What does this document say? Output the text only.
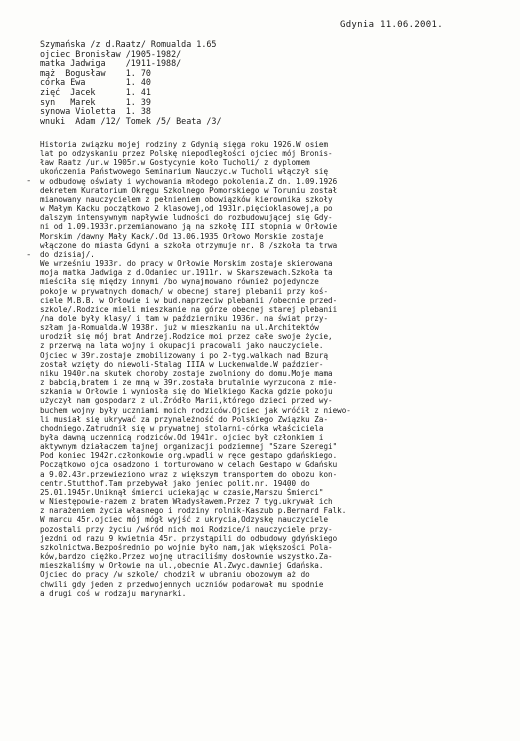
Gdynia 11.06.2001.
Szymańska /z d.Raatz/ Romualda 1.65
ojciec Bronisław /1905-1982/
matka Jadwiga    /1911-1988/
mąż  Bogusław    1. 70
córka Ewa        1. 40
zięć  Jacek      1. 41
syn   Marek      1. 39
synowa Violetta  1. 38
wnuki  Adam /12/ Tomek /5/ Beata /3/
-
-
Historia związku mojej rodziny z Gdynią sięga roku 1926.W osiem
lat po odzyskaniu przez Polskę niepodległości ojciec mój Bronis-
ław Raatz /ur.w 1905r.w Gostycynie koło Tucholi/ z dyplomem
ukończenia Państwowego Seminarium Nauczyc.w Tucholi włączył się
w odbudowę oświaty i wychowania młodego pokolenia.Z dn. 1.09.1926
dekretem Kuratorium Okręgu Szkolnego Pomorskiego w Toruniu został
mianowany nauczycielem z pełnieniem obowiązków kierownika szkoły
w Małym Kacku początkowo 2 klasowej,od 1931r.pięcioklasowej,a po
dalszym intensywnym napływie ludności do rozbudowującej się Gdy-
ni od 1.09.1933r.przemianowano ją na szkołę III stopnia w Orłowie
Morskim /dawny Mały Kack/.Od 13.06.1935 Orłowo Morskie zostaje
włączone do miasta Gdyni a szkoła otrzymuje nr. 8 /szkoła ta trwa
do dzisiaj/.
We wrześniu 1933r. do pracy w Orłowie Morskim zostaje skierowana
moja matka Jadwiga z d.Odaniec ur.1911r. w Skarszewach.Szkoła ta
mieściła się między innymi /bo wynajmowano również pojedyncze
pokoje w prywatnych domach/ w obecnej starej plebanii przy koś-
ciele M.B.B. w Orłowie i w bud.naprzeciw plebanii /obecnie przed-
szkole/.Rodzice mieli mieszkanie na górze obecnej starej plebanii
/na dole były klasy/ i tam w październiku 1936r. na świat przy-
szłam ja-Romualda.W 1938r. już w mieszkaniu na ul.Architektów
urodził się mój brat Andrzej.Rodzice moi przez całe swoje życie,
z przerwą na lata wojny i okupacji pracowali jako nauczyciele.
Ojciec w 39r.zostaje zmobilizowany i po 2-tyg.walkach nad Bzurą
został wzięty do niewoli-Stalag IIIA w Luckenwalde.W paździer-
niku 1940r.na skutek choroby zostaje zwolniony do domu.Moje mama
z babcią,bratem i ze mną w 39r.została brutalnie wyrzucona z mie-
szkania w Orłowie i wyniosła się do Wielkiego Kacka gdzie pokoju
użyczył nam gospodarz z ul.Źródło Marii,którego dzieci przed wy-
buchem wojny były uczniami moich rodziców.Ojciec jak wróćił z niewo-
li musiał się ukrywać za przynależność do Polskiego Związku Za-
chodniego.Zatrudnił się w prywatnej stolarni-córka właściciela
była dawną uczennicą rodziców.Od 1941r. ojciec był członkiem i
aktywnym działaczem tajnej organizacji podziemnej "Szare Szeregi"
Pod koniec 1942r.członkowie org.wpadli w ręce gestapo gdańskiego.
Początkowo ojca osadzono i torturowano w celach Gestapo w Gdańsku
a 9.02.43r.przewieziono wraz z większym transportem do obozu kon-
centr.Stutthof.Tam przebywał jako jeniec polit.nr. 19400 do
25.01.1945r.Uniknął śmierci uciekając w czasie,Marszu Śmierci"
w Niestępowie-razem z bratem Władysławem.Przez 7 tyg.ukrywał ich
z narażeniem życia własnego i rodziny rolnik-Kaszub p.Bernard Falk.
W marcu 45r.ojciec mój mógł wyjść z ukrycia,Odzyskę nauczyciele
pozostali przy życiu /wśród nich moi Rodzice/i nauczyciele przy-
jezdni od razu 9 kwietnia 45r. przystąpili do odbudowy gdyńskiego
szkolnictwa.Bezpośrednio po wojnie było nam,jak większości Pola-
ków,bardzo ciężko.Przez wojnę utraciliśmy dosłownie wszystko.Za-
mieszkaliśmy w Orłowie na ul.,obecnie Al.Zwyc.dawniej Gdańska.
Ojciec do pracy /w szkole/ chodził w ubraniu obozowym aż do
chwili gdy jeden z przedwojennych uczniów podarował mu spodnie
a drugi coś w rodzaju marynarki.
